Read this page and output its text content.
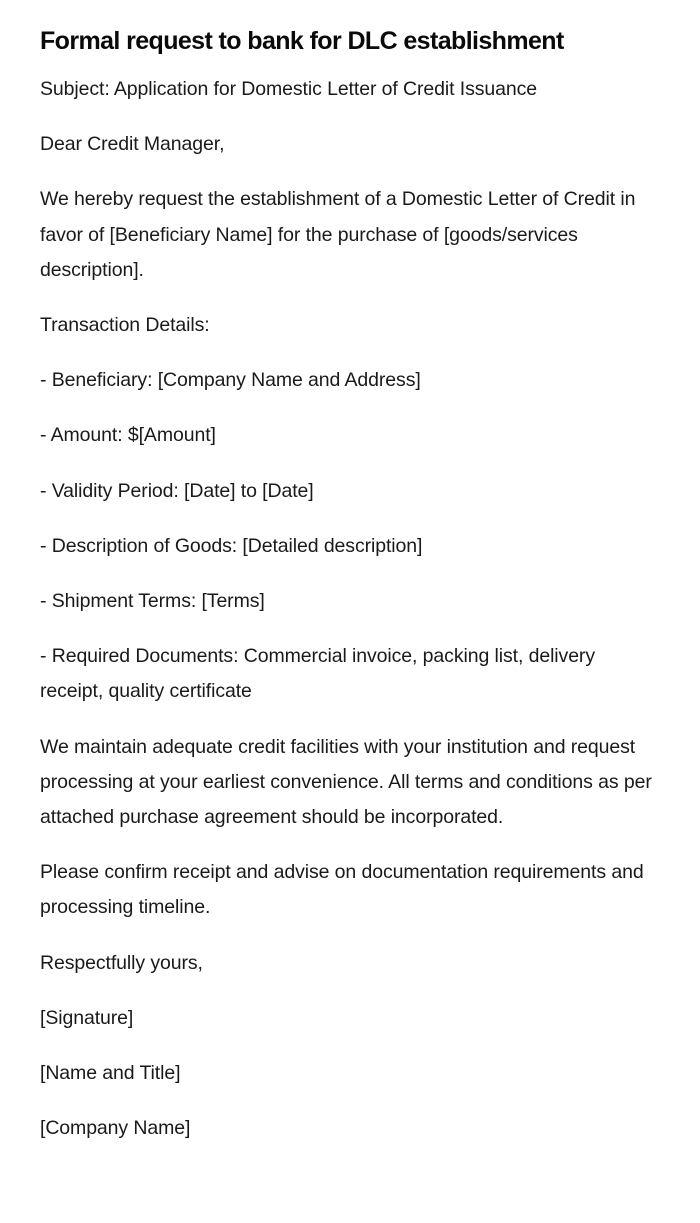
Formal request to bank for DLC establishment

Subject: Application for Domestic Letter of Credit Issuance

Dear Credit Manager,

We hereby request the establishment of a Domestic Letter of Credit in favor of [Beneficiary Name] for the purchase of [goods/services description].

Transaction Details:

- Beneficiary: [Company Name and Address]

- Amount: $[Amount]

- Validity Period: [Date] to [Date]

- Description of Goods: [Detailed description]

- Shipment Terms: [Terms]

- Required Documents: Commercial invoice, packing list, delivery receipt, quality certificate

We maintain adequate credit facilities with your institution and request processing at your earliest convenience. All terms and conditions as per attached purchase agreement should be incorporated.

Please confirm receipt and advise on documentation requirements and processing timeline.

Respectfully yours,

[Signature]

[Name and Title]

[Company Name]
